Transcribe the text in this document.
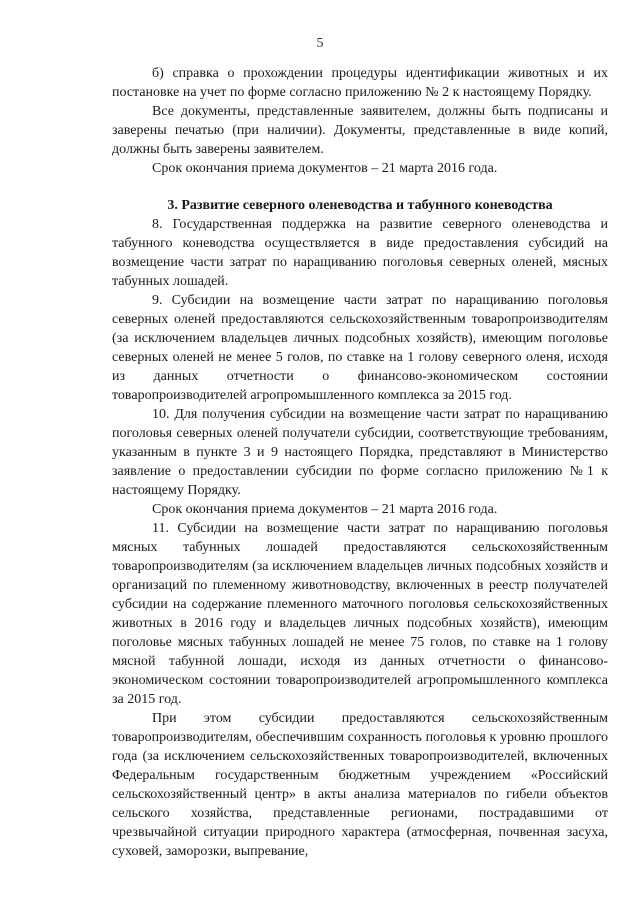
5

б) справка о прохождении процедуры идентификации животных и их постановке на учет по форме согласно приложению № 2 к настоящему Порядку.

Все документы, представленные заявителем, должны быть подписаны и заверены печатью (при наличии). Документы, представленные в виде копий, должны быть заверены заявителем.

Срок окончания приема документов – 21 марта 2016 года.

3. Развитие северного оленеводства и табунного коневодства

8. Государственная поддержка на развитие северного оленеводства и табунного коневодства осуществляется в виде предоставления субсидий на возмещение части затрат по наращиванию поголовья северных оленей, мясных табунных лошадей.

9. Субсидии на возмещение части затрат по наращиванию поголовья северных оленей предоставляются сельскохозяйственным товаропроизводителям (за исключением владельцев личных подсобных хозяйств), имеющим поголовье северных оленей не менее 5 голов, по ставке на 1 голову северного оленя, исходя из данных отчетности о финансово-экономическом состоянии товаропроизводителей агропромышленного комплекса за 2015 год.

10. Для получения субсидии на возмещение части затрат по наращиванию поголовья северных оленей получатели субсидии, соответствующие требованиям, указанным в пункте 3 и 9 настоящего Порядка, представляют в Министерство заявление о предоставлении субсидии по форме согласно приложению №1 к настоящему Порядку.

Срок окончания приема документов – 21 марта 2016 года.

11. Субсидии на возмещение части затрат по наращиванию поголовья мясных табунных лошадей предоставляются сельскохозяйственным товаропроизводителям (за исключением владельцев личных подсобных хозяйств и организаций по племенному животноводству, включенных в реестр получателей субсидии на содержание племенного маточного поголовья сельскохозяйственных животных в 2016 году и владельцев личных подсобных хозяйств), имеющим поголовье мясных табунных лошадей не менее 75 голов, по ставке на 1 голову мясной табунной лошади, исходя из данных отчетности о финансово-экономическом состоянии товаропроизводителей агропромышленного комплекса за 2015 год.

При этом субсидии предоставляются сельскохозяйственным товаропроизводителям, обеспечившим сохранность поголовья к уровню прошлого года (за исключением сельскохозяйственных товаропроизводителей, включенных Федеральным государственным бюджетным учреждением «Российский сельскохозяйственный центр» в акты анализа материалов по гибели объектов сельского хозяйства, представленные регионами, пострадавшими от чрезвычайной ситуации природного характера (атмосферная, почвенная засуха, суховей, заморозки, выпревание,
